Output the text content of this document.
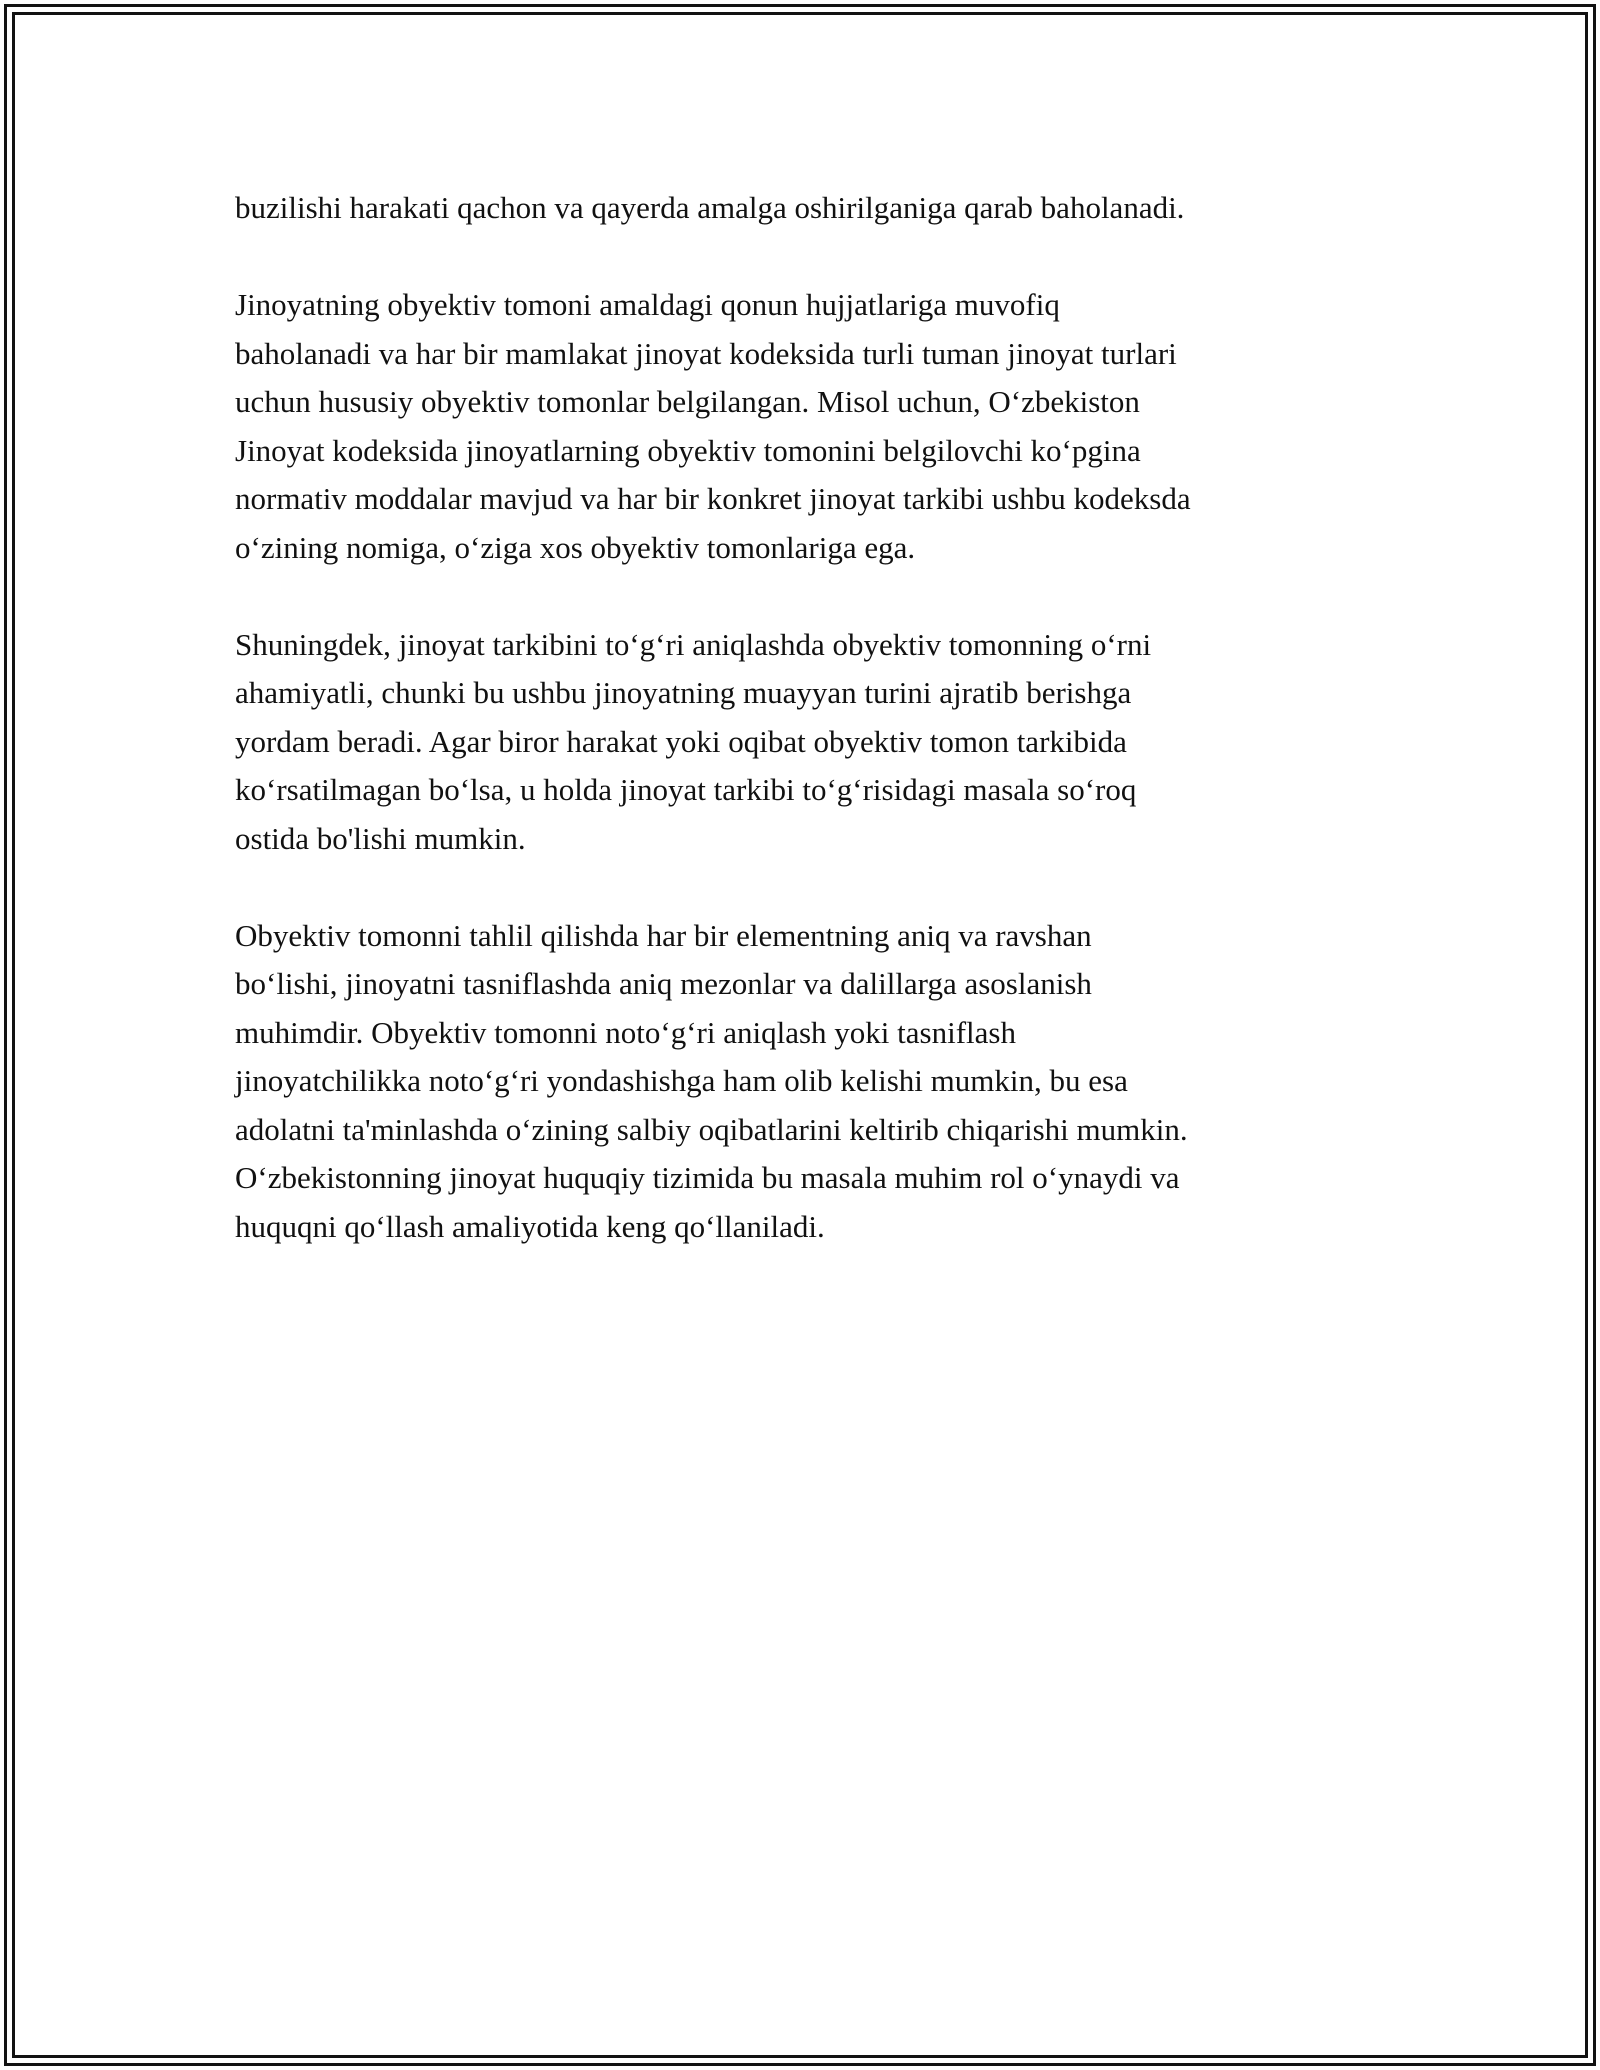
buzilishi harakati qachon va qayerda amalga oshirilganiga qarab baholanadi.

Jinoyatning obyektiv tomoni amaldagi qonun hujjatlariga muvofiq
baholanadi va har bir mamlakat jinoyat kodeksida turli tuman jinoyat turlari
uchun hususiy obyektiv tomonlar belgilangan. Misol uchun, O‘zbekiston
Jinoyat kodeksida jinoyatlarning obyektiv tomonini belgilovchi ko‘pgina
normativ moddalar mavjud va har bir konkret jinoyat tarkibi ushbu kodeksda
o‘zining nomiga, o‘ziga xos obyektiv tomonlariga ega.

Shuningdek, jinoyat tarkibini to‘g‘ri aniqlashda obyektiv tomonning o‘rni
ahamiyatli, chunki bu ushbu jinoyatning muayyan turini ajratib berishga
yordam beradi. Agar biror harakat yoki oqibat obyektiv tomon tarkibida
ko‘rsatilmagan bo‘lsa, u holda jinoyat tarkibi to‘g‘risidagi masala so‘roq
ostida bo'lishi mumkin.

Obyektiv tomonni tahlil qilishda har bir elementning aniq va ravshan
bo‘lishi, jinoyatni tasniflashda aniq mezonlar va dalillarga asoslanish
muhimdir. Obyektiv tomonni noto‘g‘ri aniqlash yoki tasniflash
jinoyatchilikka noto‘g‘ri yondashishga ham olib kelishi mumkin, bu esa
adolatni ta'minlashda o‘zining salbiy oqibatlarini keltirib chiqarishi mumkin.
O‘zbekistonning jinoyat huquqiy tizimida bu masala muhim rol o‘ynaydi va
huquqni qo‘llash amaliyotida keng qo‘llaniladi.
